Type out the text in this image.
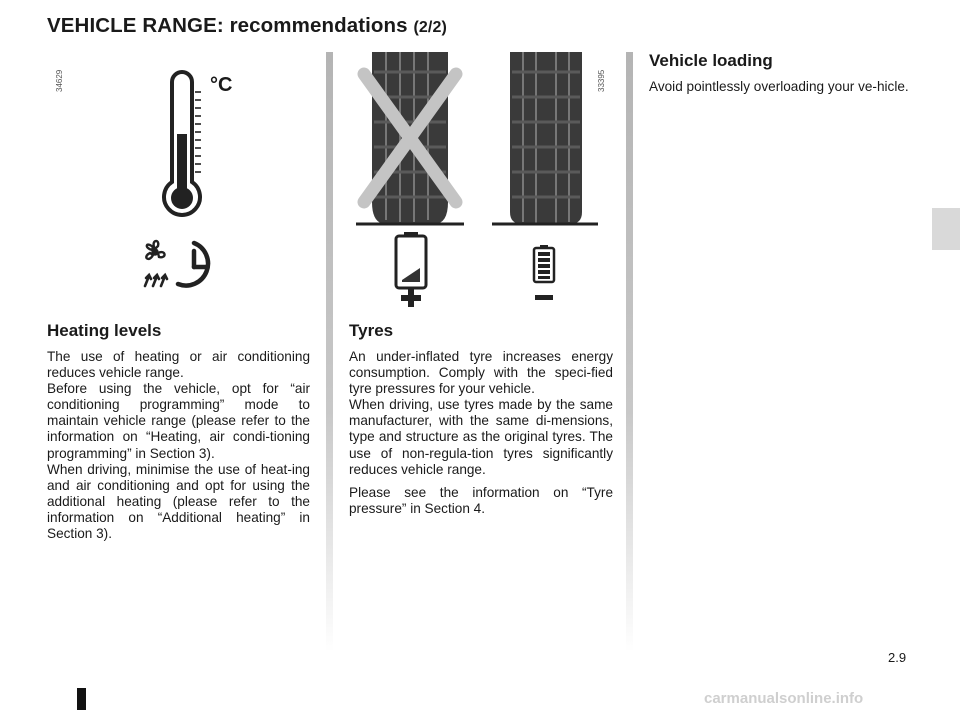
VEHICLE RANGE: recommendations (2/2)
34629	33395
°C
Heating levels

The use of heating or air conditioning reduces vehicle range.

Before using the vehicle, opt for “air conditioning programming” mode to maintain vehicle range (please refer to the information on “Heating, air condi-tioning programming” in Section 3).

When driving, minimise the use of heat-ing and air conditioning and opt for using the additional heating (please refer to the information on “Additional heating” in Section 3).

Tyres

An under-inflated tyre increases energy consumption. Comply with the speci-fied tyre pressures for your vehicle.

When driving, use tyres made by the same manufacturer, with the same di-mensions, type and structure as the original tyres. The use of non-regula-tion tyres significantly reduces vehicle range.

Please see the information on “Tyre pressure” in Section 4.

Vehicle loading

Avoid pointlessly overloading your ve-hicle.

2.9
carmanualsonline.info
